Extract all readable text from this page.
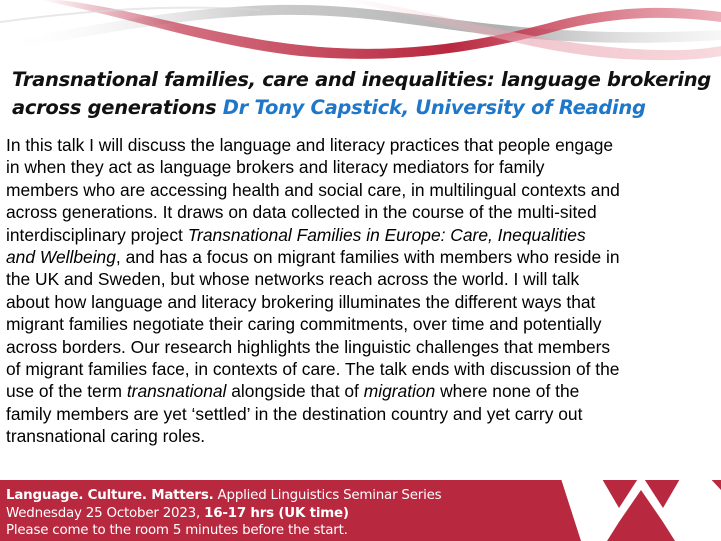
Transnational families, care and inequalities: language brokering across generations Dr Tony Capstick, University of Reading
In this talk I will discuss the language and literacy practices that people engage
in when they act as language brokers and literacy mediators for family
members who are accessing health and social care, in multilingual contexts and
across generations. It draws on data collected in the course of the multi-sited
interdisciplinary project Transnational Families in Europe: Care, Inequalities
and Wellbeing, and has a focus on migrant families with members who reside in
the UK and Sweden, but whose networks reach across the world. I will talk
about how language and literacy brokering illuminates the different ways that
migrant families negotiate their caring commitments, over time and potentially
across borders. Our research highlights the linguistic challenges that members
of migrant families face, in contexts of care. The talk ends with discussion of the
use of the term transnational alongside that of migration where none of the
family members are yet ‘settled’ in the destination country and yet carry out
transnational caring roles.
Language. Culture. Matters. Applied Linguistics Seminar Series
Wednesday 25 October 2023, 16-17 hrs (UK time)
Please come to the room 5 minutes before the start.
